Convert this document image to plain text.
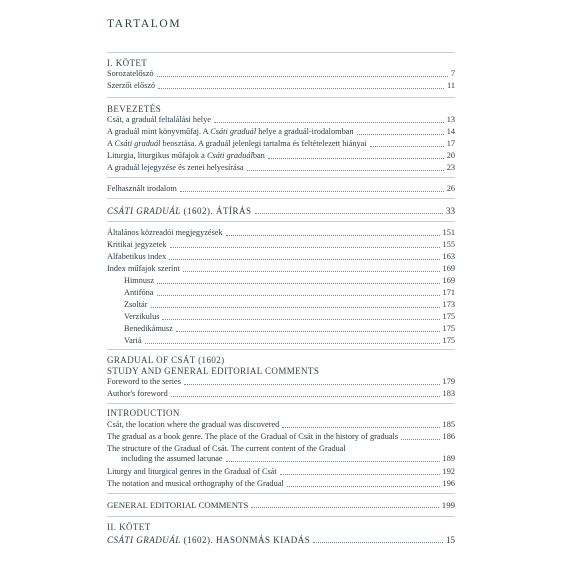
TARTALOM
I. KÖTET
Sorozatelőszó	7
Szerzői előszó	11
BEVEZETÉS
Csát, a graduál feltalálási helye	13
A graduál mint könyvműfaj. A Csáti graduál helye a graduál-irodalomban	14
A Csáti graduál beosztása. A graduál jelenlegi tartalma és feltételezett hiányai	17
Liturgia, liturgikus műfajok a Csáti graduálban	20
A graduál lejegyzése és zenei helyesírása	23
Felhasznált irodalom	26
CSÁTI GRADUÁL (1602). ÁTÍRÁS	33
Általános közreadói megjegyzések	151
Kritikai jegyzetek	155
Alfabetikus index	163
Index műfajok szerint	169
Himnusz	169
Antifóna	171
Zsoltár	173
Verzikulus	175
Benedikámusz	175
Variá	175
GRADUAL OF CSÁT (1602)
STUDY AND GENERAL EDITORIAL COMMENTS
Foreword to the series	179
Author's foreword	183
INTRODUCTION
Csát, the location where the gradual was discovered	185
The gradual as a book genre. The place of the Gradual of Csát in the history of graduals	186
The structure of the Gradual of Csát. The current content of the Gradual
including the assumed lacunae	189
Liturgy and liturgical genres in the Gradual of Csát	192
The notation and musical orthography of the Gradual	196
GENERAL EDITORIAL COMMENTS	199
II. KÖTET
CSÁTI GRADUÁL (1602). HASONMÁS KIADÁS	15
